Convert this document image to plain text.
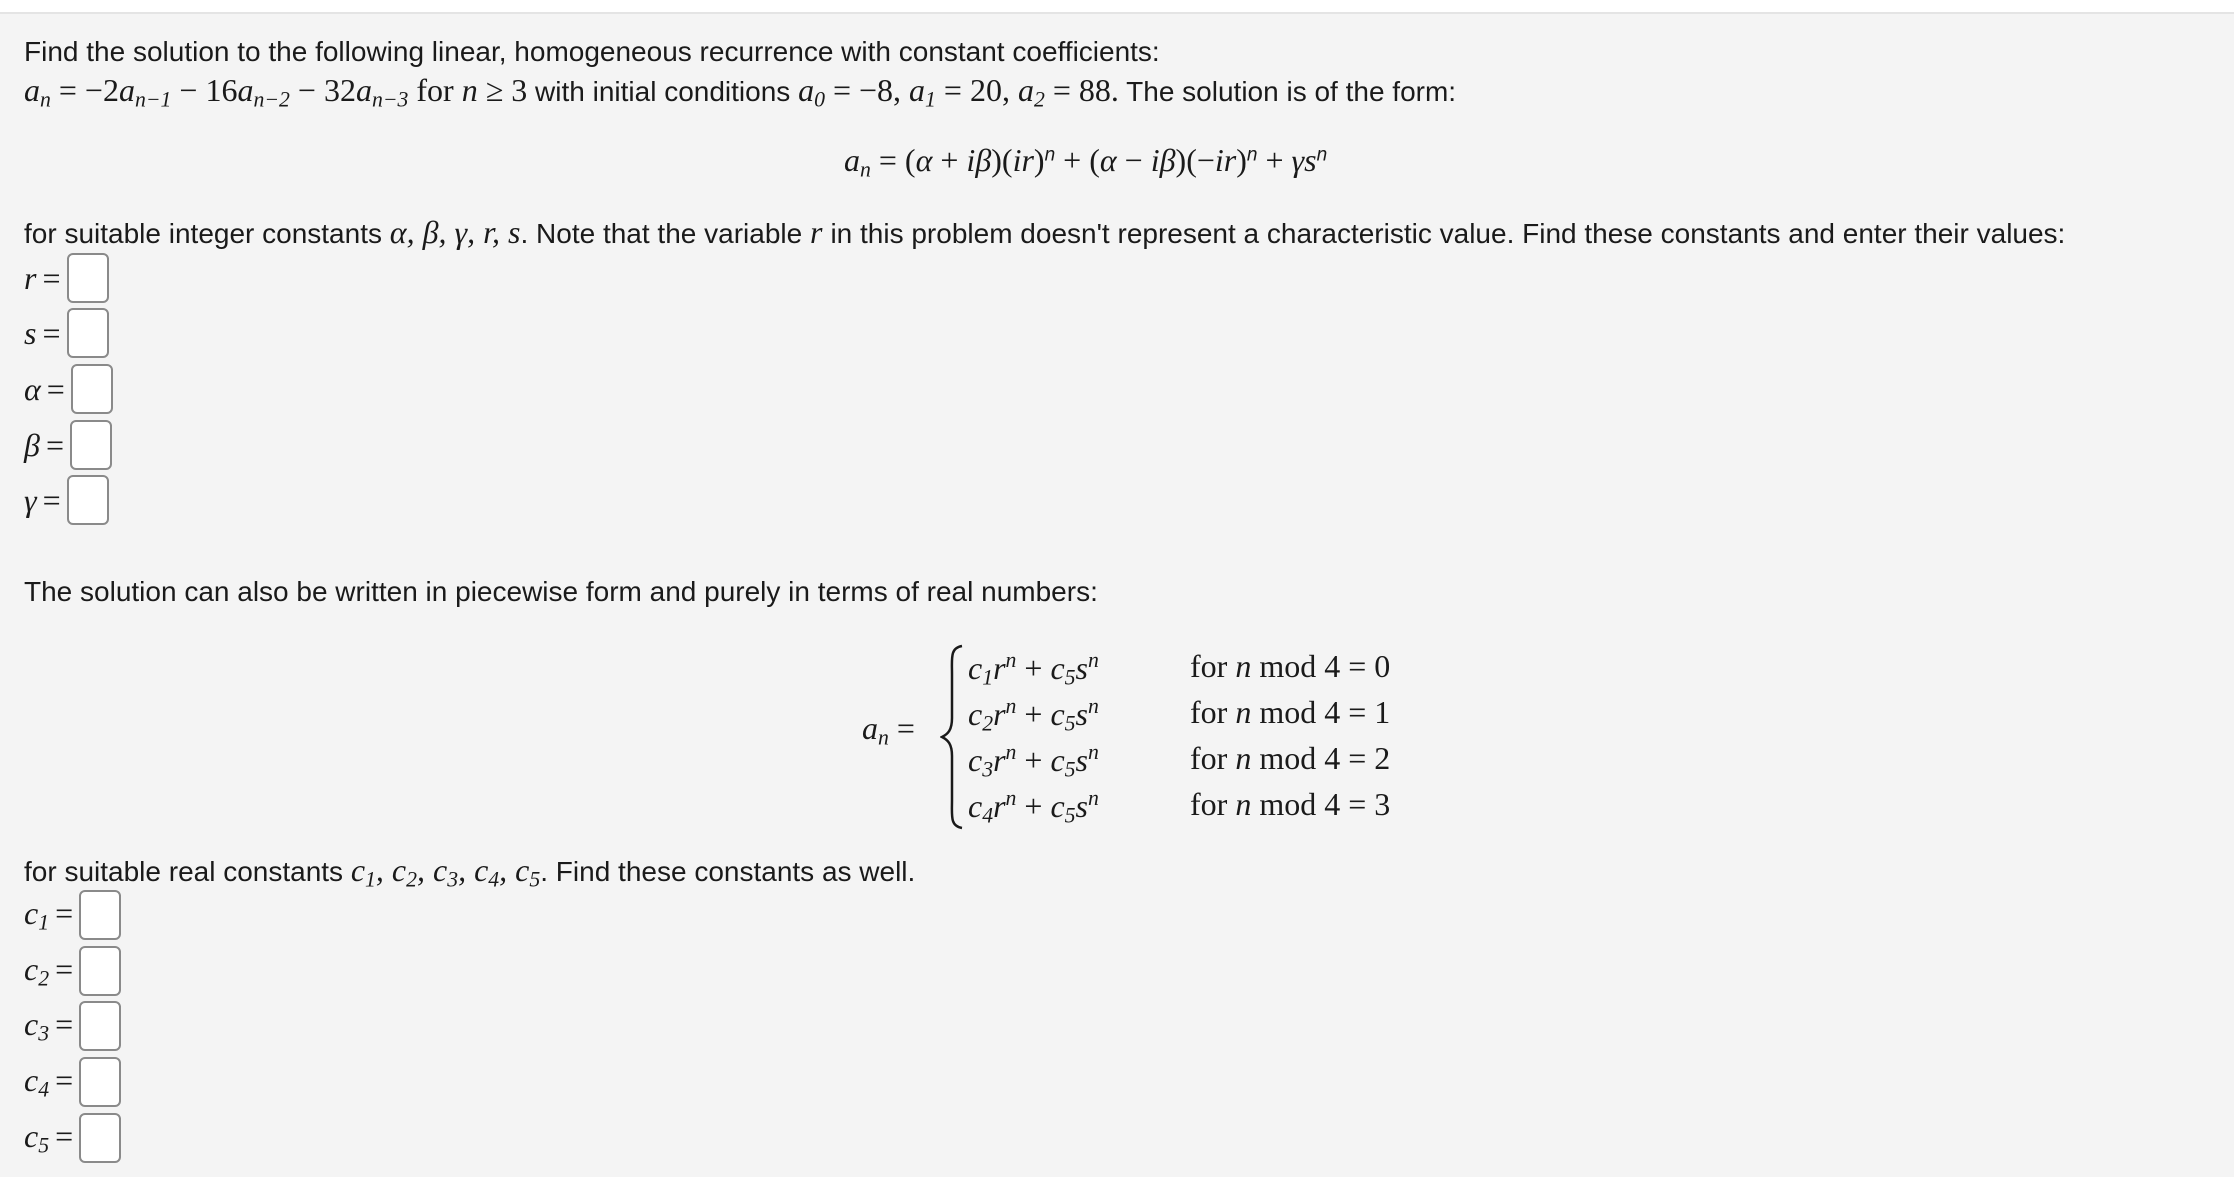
Find the solution to the following linear, homogeneous recurrence with constant coefficients:
$a_n = -2a_{n-1} - 16a_{n-2} - 32a_{n-3}$ for n ≥ 3 with initial conditions $a_0 = -8$, $a_1 = 20$, $a_2 = 88$. The solution is of the form:
$a_n = (\alpha + i\beta)(ir)^n + (\alpha - i\beta)(-ir)^n + \gamma s^n$
for suitable integer constants α, β, γ, r, s. Note that the variable r in this problem doesn't represent a characteristic value. Find these constants and enter their values:
r =
s =
α =
β =
γ =
The solution can also be written in piecewise form and purely in terms of real numbers:
$a_n$ =
$c_1r^n + c_5s^n$	for n mod 4 = 0
$c_2r^n + c_5s^n$	for n mod 4 = 1
$c_3r^n + c_5s^n$	for n mod 4 = 2
$c_4r^n + c_5s^n$	for n mod 4 = 3
for suitable real constants $c_1$, $c_2$, $c_3$, $c_4$, $c_5$. Find these constants as well.
$c_1$ =
$c_2$ =
$c_3$ =
$c_4$ =
$c_5$ =
